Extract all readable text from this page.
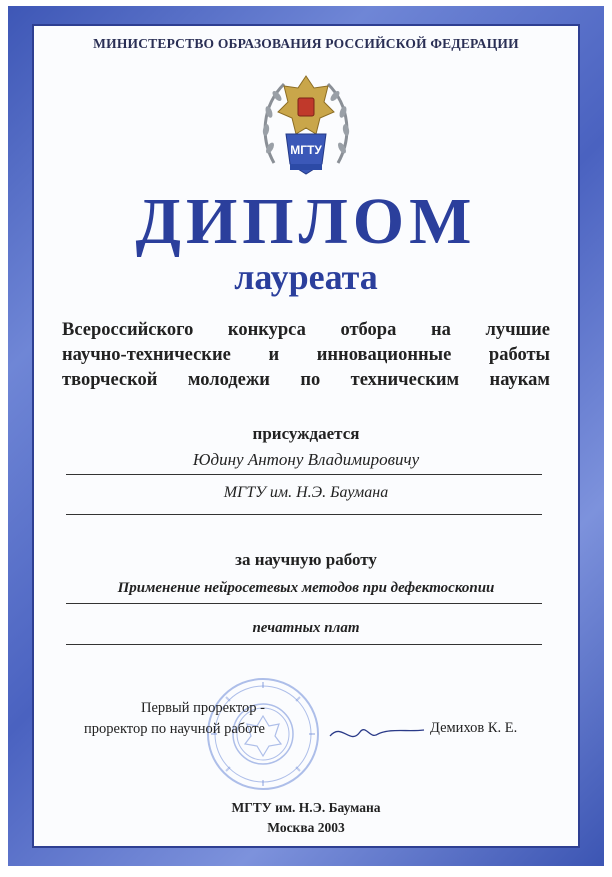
МИНИСТЕРСТВО ОБРАЗОВАНИЯ РОССИЙСКОЙ ФЕДЕРАЦИИ
МГТУ
ДИПЛОМ
лауреата
Всероссийского конкурса отбора на лучшие
научно-технические и инновационные работы
творческой молодежи по техническим наукам
присуждается
Юдину Антону Владимировичу
МГТУ им. Н.Э. Баумана
за научную работу
Применение нейросетевых методов при дефектоскопии
печатных плат
Первый проректор -
проректор по научной работе	Демихов К. Е.
МГТУ им. Н.Э. Баумана
Москва 2003
